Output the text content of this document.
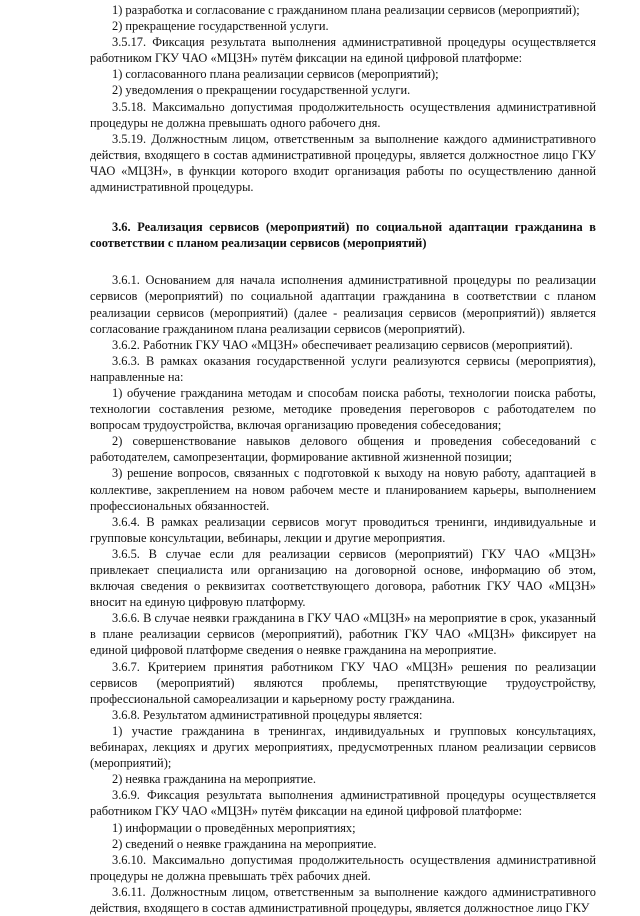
1) разработка и согласование с гражданином плана реализации сервисов (мероприятий);

2) прекращение государственной услуги.

3.5.17. Фиксация результата выполнения административной процедуры осуществляется работником ГКУ ЧАО «МЦЗН» путём фиксации на единой цифровой платформе:

1) согласованного плана реализации сервисов (мероприятий);

2) уведомления о прекращении государственной услуги.

3.5.18. Максимально допустимая продолжительность осуществления административной процедуры не должна превышать одного рабочего дня.

3.5.19. Должностным лицом, ответственным за выполнение каждого административного действия, входящего в состав административной процедуры, является должностное лицо ГКУ ЧАО «МЦЗН», в функции которого входит организация работы по осуществлению данной административной процедуры.

3.6. Реализация сервисов (мероприятий) по социальной адаптации гражданина в соответствии с планом реализации сервисов (мероприятий)

3.6.1. Основанием для начала исполнения административной процедуры по реализации сервисов (мероприятий) по социальной адаптации гражданина в соответствии с планом реализации сервисов (мероприятий) (далее - реализация сервисов (мероприятий)) является согласование гражданином плана реализации сервисов (мероприятий).

3.6.2. Работник ГКУ ЧАО «МЦЗН» обеспечивает реализацию сервисов (мероприятий).

3.6.3. В рамках оказания государственной услуги реализуются сервисы (мероприятия), направленные на:

1) обучение гражданина методам и способам поиска работы, технологии поиска работы, технологии составления резюме, методике проведения переговоров с работодателем по вопросам трудоустройства, включая организацию проведения собеседования;

2) совершенствование навыков делового общения и проведения собеседований с работодателем, самопрезентации, формирование активной жизненной позиции;

3) решение вопросов, связанных с подготовкой к выходу на новую работу, адаптацией в коллективе, закреплением на новом рабочем месте и планированием карьеры, выполнением профессиональных обязанностей.

3.6.4. В рамках реализации сервисов могут проводиться тренинги, индивидуальные и групповые консультации, вебинары, лекции и другие мероприятия.

3.6.5. В случае если для реализации сервисов (мероприятий) ГКУ ЧАО «МЦЗН» привлекает специалиста или организацию на договорной основе, информацию об этом, включая сведения о реквизитах соответствующего договора, работник ГКУ ЧАО «МЦЗН» вносит на единую цифровую платформу.

3.6.6. В случае неявки гражданина в ГКУ ЧАО «МЦЗН» на мероприятие в срок, указанный в плане реализации сервисов (мероприятий), работник ГКУ ЧАО «МЦЗН» фиксирует на единой цифровой платформе сведения о неявке гражданина на мероприятие.

3.6.7. Критерием принятия работником ГКУ ЧАО «МЦЗН» решения по реализации сервисов (мероприятий) являются проблемы, препятствующие трудоустройству, профессиональной самореализации и карьерному росту гражданина.

3.6.8. Результатом административной процедуры является:

1) участие гражданина в тренингах, индивидуальных и групповых консультациях, вебинарах, лекциях и других мероприятиях, предусмотренных планом реализации сервисов (мероприятий);

2) неявка гражданина на мероприятие.

3.6.9. Фиксация результата выполнения административной процедуры осуществляется работником ГКУ ЧАО «МЦЗН» путём фиксации на единой цифровой платформе:

1) информации о проведённых мероприятиях;

2) сведений о неявке гражданина на мероприятие.

3.6.10. Максимально допустимая продолжительность осуществления административной процедуры не должна превышать трёх рабочих дней.

3.6.11. Должностным лицом, ответственным за выполнение каждого административного действия, входящего в состав административной процедуры, является должностное лицо ГКУ
